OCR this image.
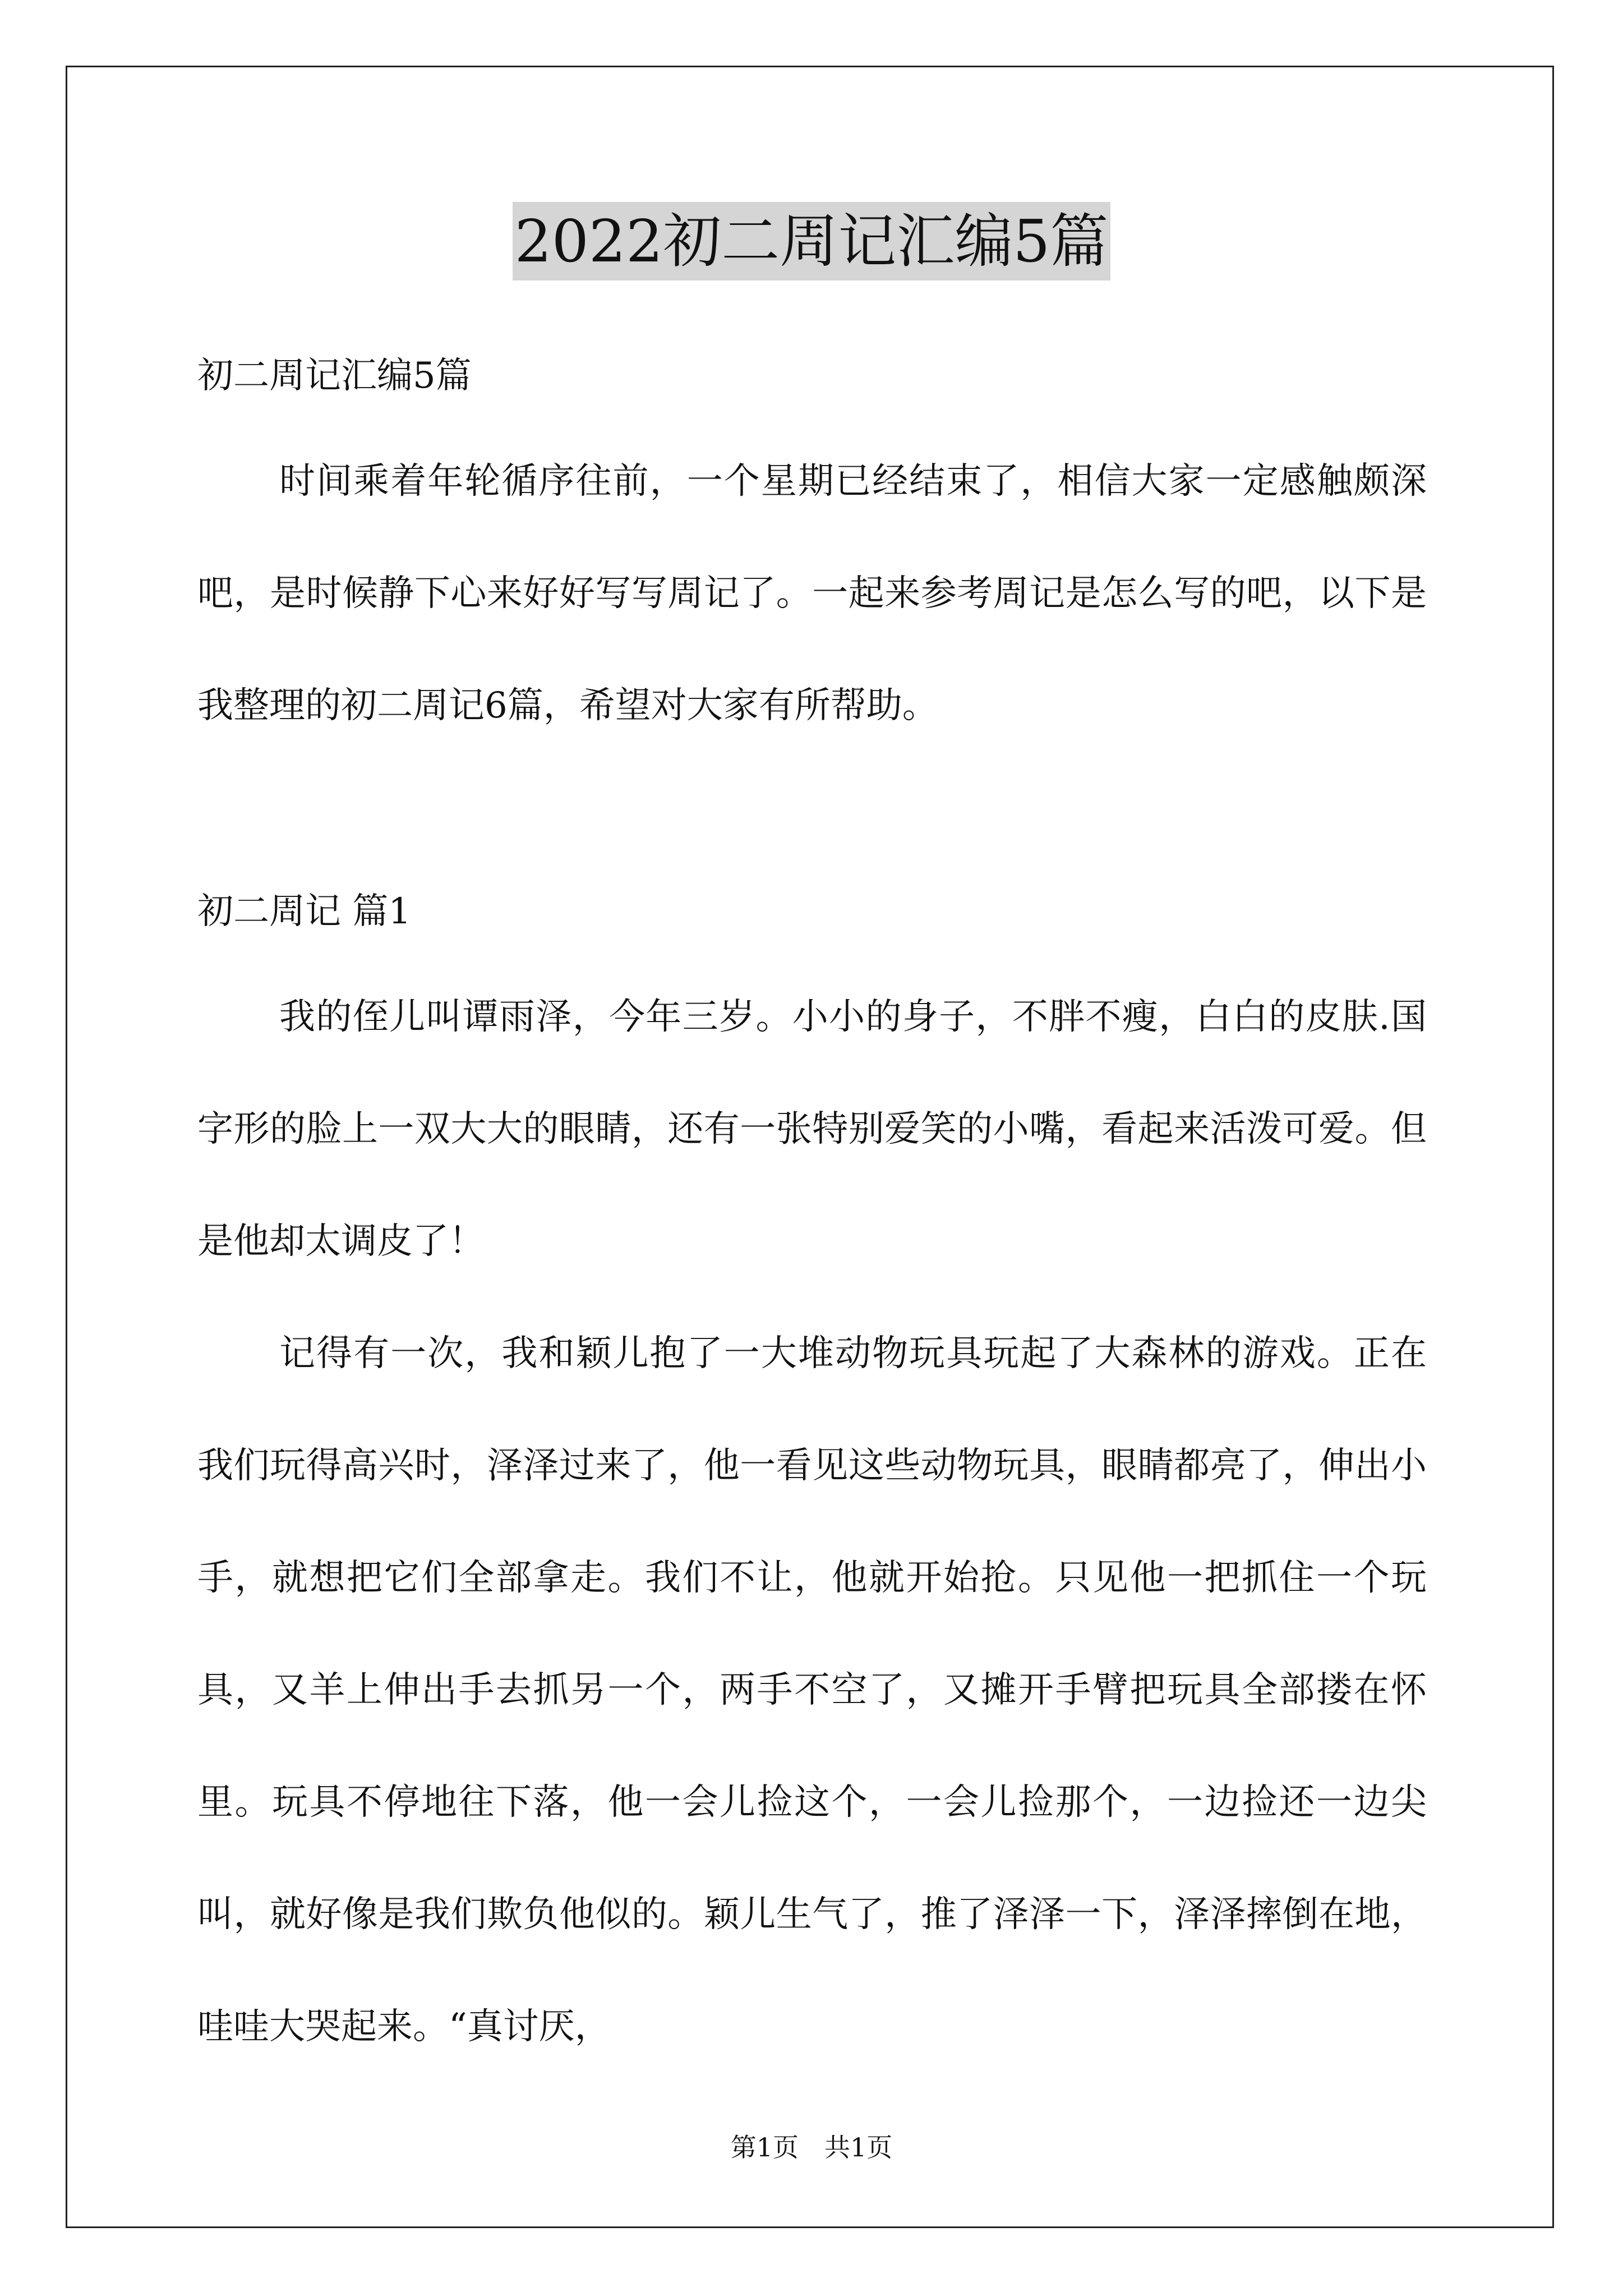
2022初二周记汇编5篇
初二周记汇编5篇
时间乘着年轮循序往前，一个星期已经结束了，相信大家一定感触颇深吧，是时候静下心来好好写写周记了。一起来参考周记是怎么写的吧，以下是我整理的初二周记6篇，希望对大家有所帮助。
初二周记 篇1
我的侄儿叫谭雨泽，今年三岁。小小的身子，不胖不瘦，白白的皮肤.国字形的脸上一双大大的眼睛，还有一张特别爱笑的小嘴，看起来活泼可爱。但是他却太调皮了！
记得有一次，我和颖儿抱了一大堆动物玩具玩起了大森林的游戏。正在我们玩得高兴时，泽泽过来了，他一看见这些动物玩具，眼睛都亮了，伸出小手，就想把它们全部拿走。我们不让，他就开始抢。只见他一把抓住一个玩具，又羊上伸出手去抓另一个，两手不空了，又摊开手臂把玩具全部搂在怀里。玩具不停地往下落，他一会儿捡这个，一会儿捡那个，一边捡还一边尖叫，就好像是我们欺负他似的。颖儿生气了，推了泽泽一下，泽泽摔倒在地，哇哇大哭起来。“真讨厌，
第1页　共1页
